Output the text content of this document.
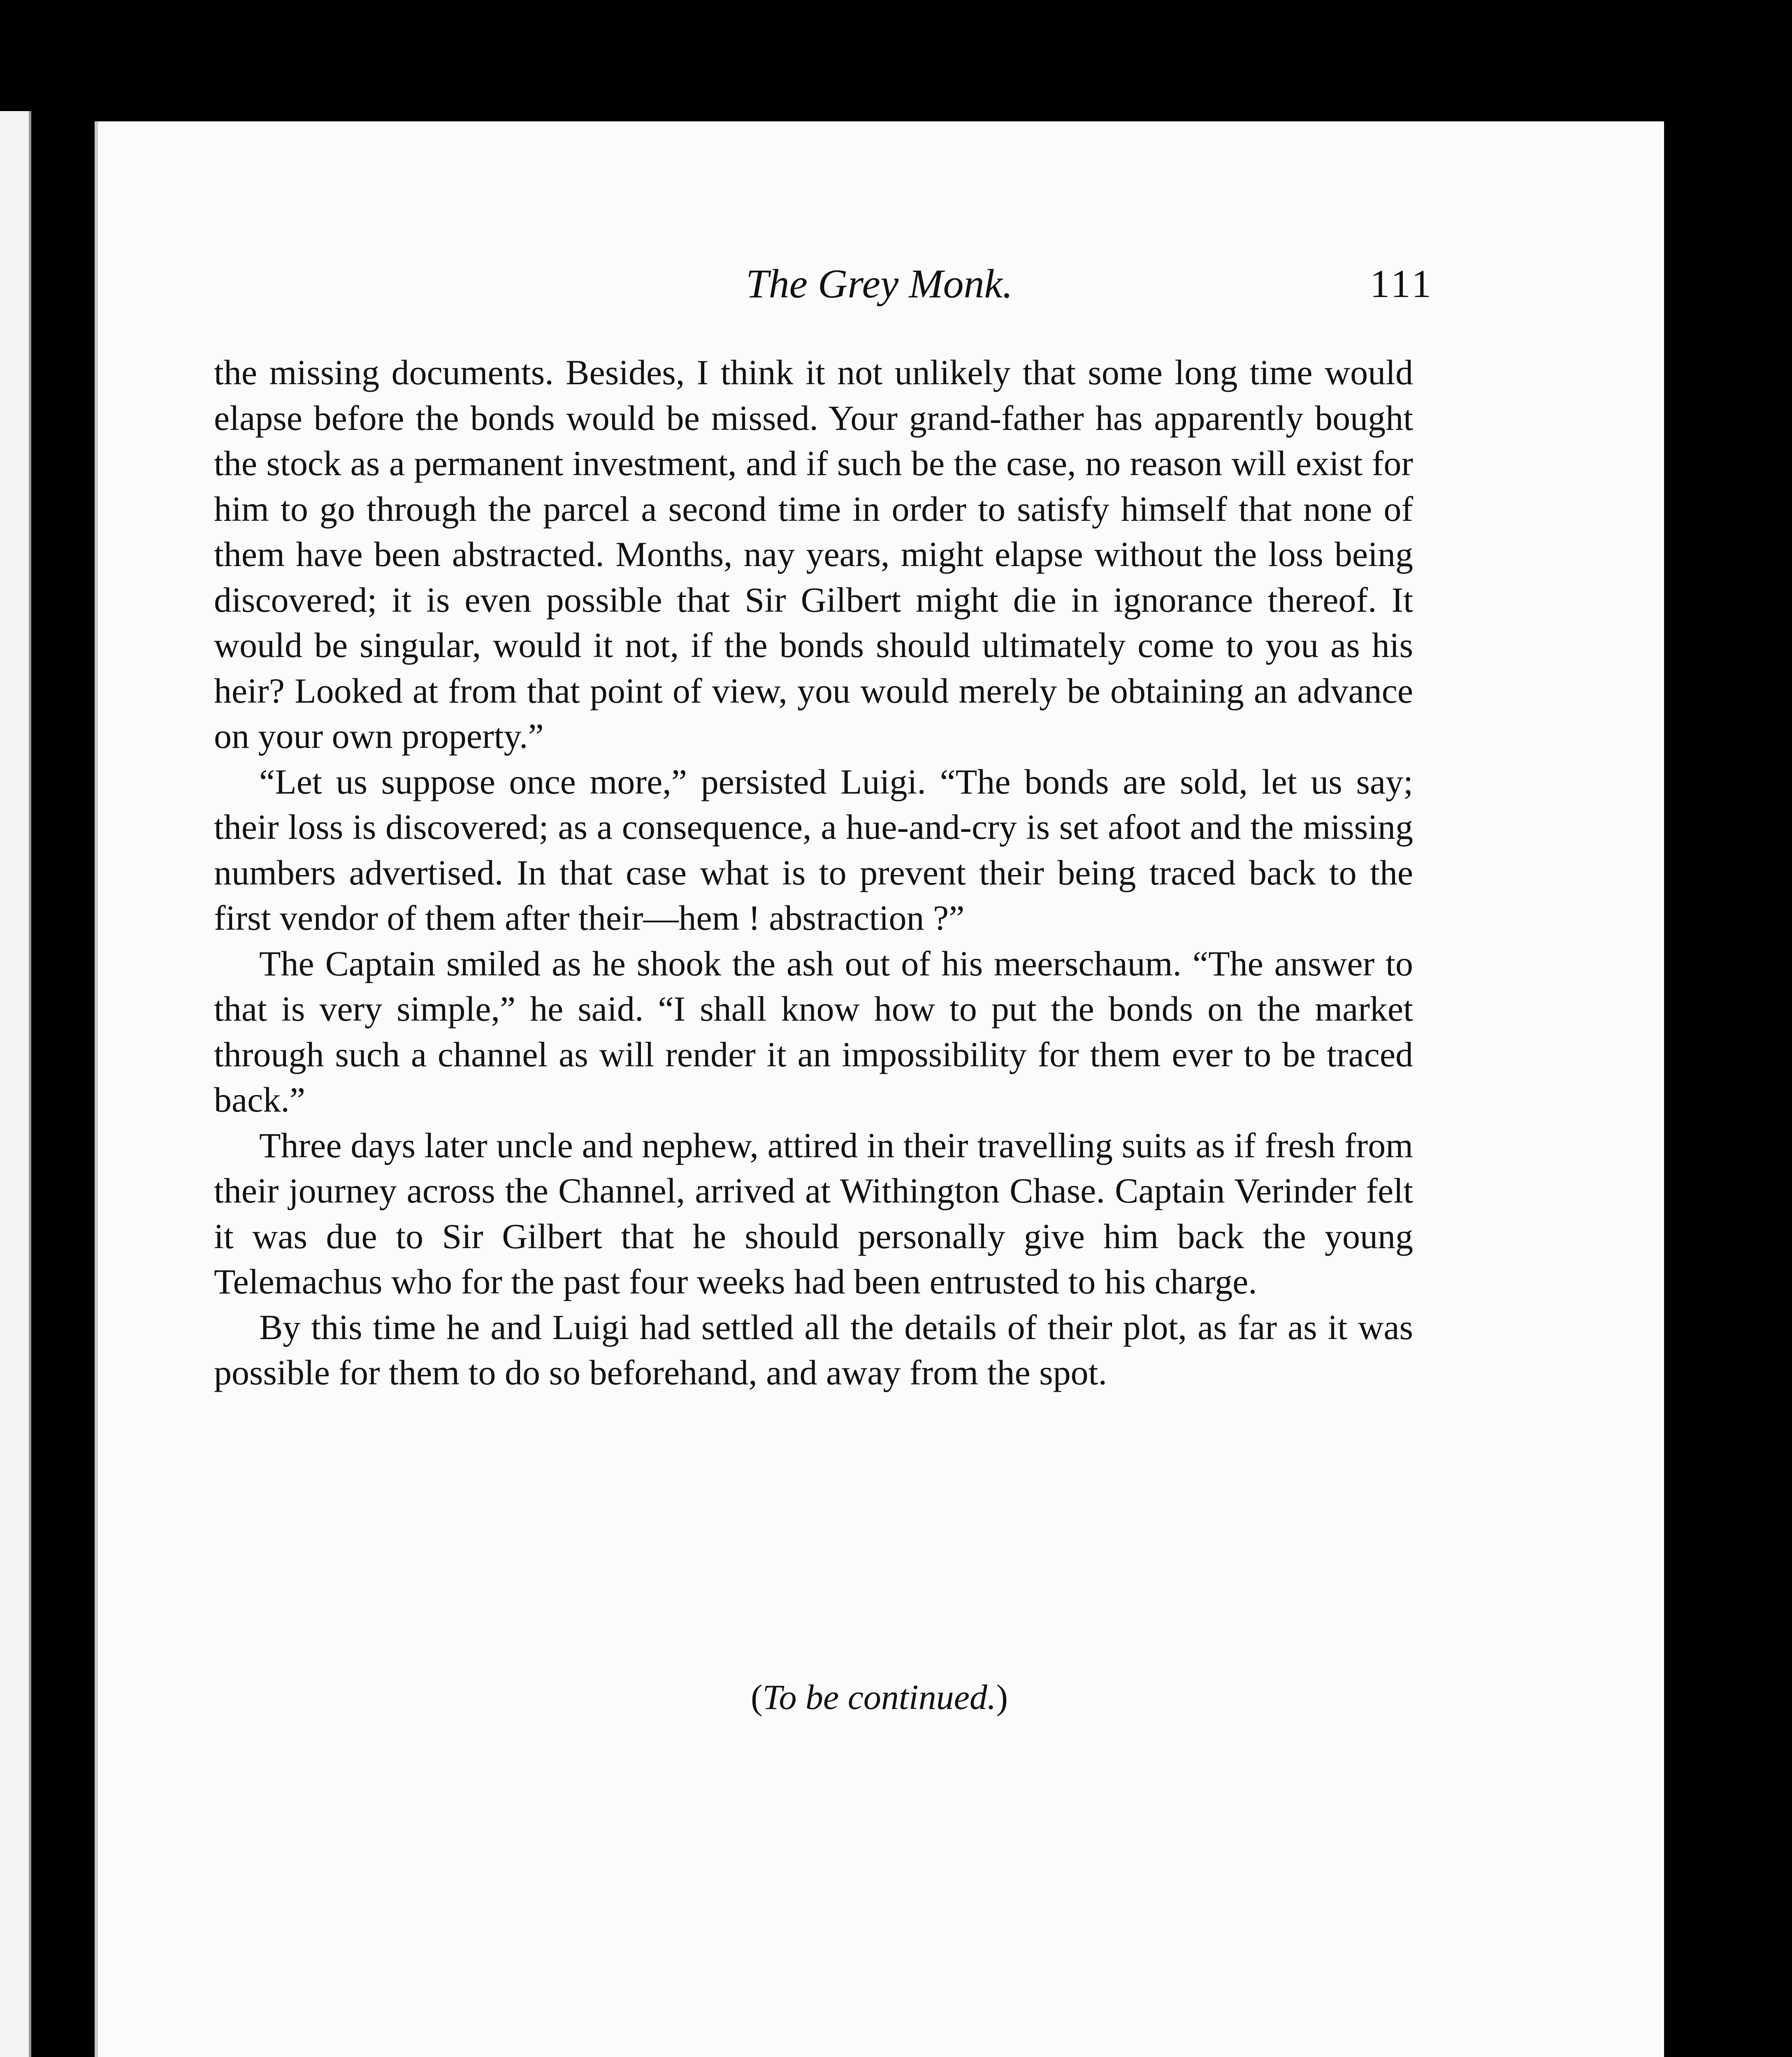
The Grey Monk.	111

the missing documents. Besides, I think it not unlikely that some long time would elapse before the bonds would be missed. Your grand-father has apparently bought the stock as a permanent investment, and if such be the case, no reason will exist for him to go through the parcel a second time in order to satisfy himself that none of them have been abstracted. Months, nay years, might elapse without the loss being discovered; it is even possible that Sir Gilbert might die in ignorance thereof. It would be singular, would it not, if the bonds should ultimately come to you as his heir? Looked at from that point of view, you would merely be obtaining an advance on your own property.”

“Let us suppose once more,” persisted Luigi. “The bonds are sold, let us say; their loss is discovered; as a consequence, a hue-and-cry is set afoot and the missing numbers advertised. In that case what is to prevent their being traced back to the first vendor of them after their—hem ! abstraction ?”

The Captain smiled as he shook the ash out of his meerschaum. “The answer to that is very simple,” he said. “I shall know how to put the bonds on the market through such a channel as will render it an impossibility for them ever to be traced back.”

Three days later uncle and nephew, attired in their travelling suits as if fresh from their journey across the Channel, arrived at Withington Chase. Captain Verinder felt it was due to Sir Gilbert that he should personally give him back the young Telemachus who for the past four weeks had been entrusted to his charge.

By this time he and Luigi had settled all the details of their plot, as far as it was possible for them to do so beforehand, and away from the spot.

(To be continued.)
